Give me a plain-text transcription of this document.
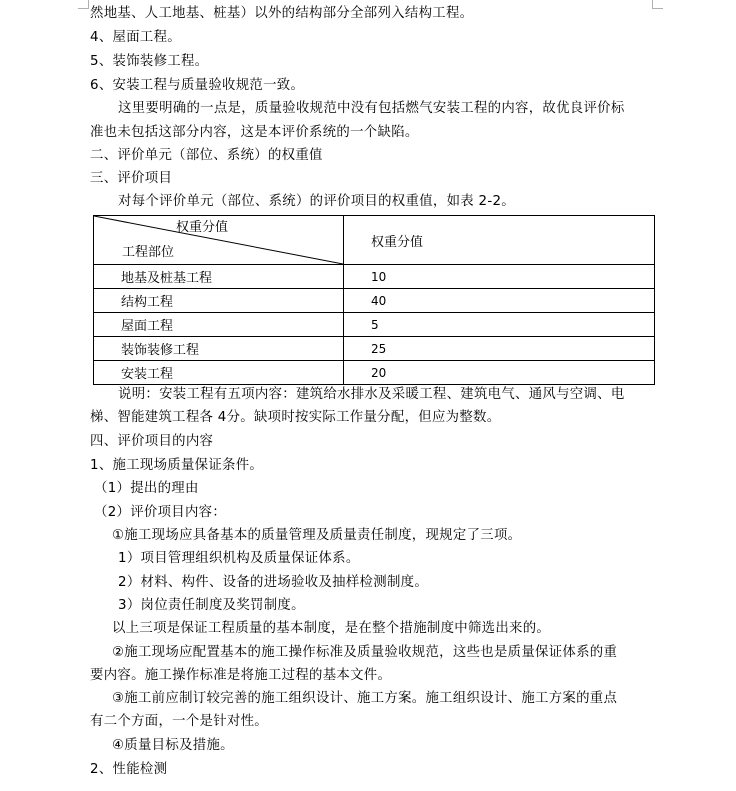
然地基、人工地基、桩基）以外的结构部分全部列入结构工程。
4、屋面工程。
5、装饰装修工程。
6、安装工程与质量验收规范一致。
这里要明确的一点是，质量验收规范中没有包括燃气安装工程的内容，故优良评价标
准也未包括这部分内容，这是本评价系统的一个缺陷。
二、评价单元（部位、系统）的权重值
三、评价项目
对每个评价单元（部位、系统）的评价项目的权重值，如表 2-2。
权重分值
工程部位	权重分值
地基及桩基工程	10
结构工程	40
屋面工程	5
装饰装修工程	25
安装工程	20
说明：安装工程有五项内容：建筑给水排水及采暖工程、建筑电气、通风与空调、电
梯、智能建筑工程各 4分。缺项时按实际工作量分配，但应为整数。
四、评价项目的内容
1、施工现场质量保证条件。
（1）提出的理由
（2）评价项目内容：
①施工现场应具备基本的质量管理及质量责任制度，现规定了三项。
1）项目管理组织机构及质量保证体系。
2）材料、构件、设备的进场验收及抽样检测制度。
3）岗位责任制度及奖罚制度。
以上三项是保证工程质量的基本制度，是在整个措施制度中筛选出来的。
②施工现场应配置基本的施工操作标准及质量验收规范，这些也是质量保证体系的重
要内容。施工操作标准是将施工过程的基本文件。
③施工前应制订较完善的施工组织设计、施工方案。施工组织设计、施工方案的重点
有二个方面，一个是针对性。
④质量目标及措施。
2、性能检测
